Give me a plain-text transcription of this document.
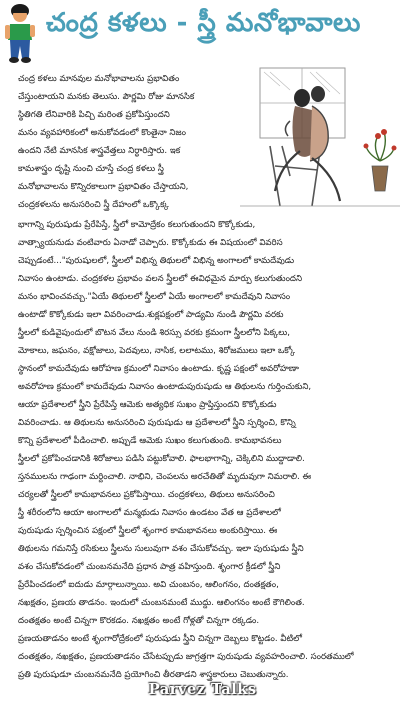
చంద్ర కళలు - స్త్రీ మనోభావాలు
చంద్ర కళలు మానవుల మనోభావాలను ప్రభావితం
చేస్తుంటాయని మనకు తెలుసు. పౌర్ణమి రోజు మానసిక
స్థితిగతి లేనివారికి పిచ్చి మరింత ప్రకోపిస్తుందని
మనం వ్యవహారికంలో అనుకోవడంలో కొంతైనా నిజం
ఉందని నేటి మానసిక శాస్త్రవేత్తలు నిర్ధారిస్తారు. ఇక
కామశాస్త్రం దృష్టి నుంచి చూస్తే చంద్ర కళలు స్త్రీ
మనోభావాలను కొన్నిరకాలుగా ప్రభావితం చేస్తాయని,
చంద్రకళలను అనుసరించి స్త్రీ దేహంలో ఒక్కొక్క
భాగాన్ని పురుషుడు ప్రేరేపిస్తే, స్త్రీలో కామోద్రేకం కలుగుతుందని కొక్కోకుడు,
వాత్స్యాయనుడు వంటివారు ఏనాడో చెప్పారు. కొక్కోకుడు ఈ విషయంలో వివరిస
చెప్పుడంటే..."పురుషులలో, స్త్రీలలో విభిన్న తిథులలో విభిన్న అంగాలలో కామదేవుడు
నివాసం ఉంటాడు. చంద్రకళల ప్రభావం వలన స్త్రీలలో ఈవిధమైన మార్పు కలుగుతుందని
మనం భావించవచ్చు."ఏయే తిథులలో స్త్రీలలో ఏయే అంగాలలో కామదేవుని నివాసం
ఉంటాడో కొక్కోకుడు ఇలా వివరించాడు.శుక్లపక్షంలో పాడ్యమి నుండి పౌర్ణమి వరకు
స్త్రీలలో కుడివైపుందులో బొటన వేలు నుండి శిరస్సు వరకు క్రమంగా స్త్రీలలోని పిక్కలు,
మోకాలు, జఘనం, వక్షోజాలు, పెదవులు, నాసిక, లలాటము, శిరోజములు ఇలా ఒక్కో
స్థానంలో కామదేవుడు ఆరోహణ క్రమంలో నివాసం ఉంటాడు. కృష్ణ పక్షంలో అవరోహణా
అవరోహణ క్రమంలో కామదేవుడు నివాసం ఉంటాడుపురుషుడు ఆ తిథులను గుర్తించుకుని,
ఆయా ప్రదేశాలలో స్త్రీని ప్రేరేపిస్తే ఆమెకు అత్యధిక సుఖం ప్రాప్తిస్తుందని కొక్కోకుడు
వివరించాడు. ఆ తిథులను అనుసరించి పురుషుడు ఆ ప్రదేశాలలో స్త్రీని స్పర్శించి, కొన్ని
కొన్ని ప్రదేశాలలో పీడించాలి. అప్పుడే ఆమెకు సుఖం కలుగుతుంది. కామభావనలు
స్త్రీలలో ప్రకోపించడానికి శిరోజాలు పడిసి పట్టుకోవాలి. ఫాలభాగాన్ని, చెక్కిలిని ముద్దాడాలి.
స్తనములను గాఢంగా మర్దించాలి. నాభిని, చెంపలను అరచేతితో మృదువుగా నిమరాలి. ఈ
చర్యలతో స్త్రీలలో కామభావనలు ప్రకోపిస్తాయి. చంద్రకళలు, తిథులు అనుసరించి
స్త్రీ శరీరంలోని ఆయా అంగాలలో మన్మథుడు నివాసం ఉండటం వేత ఆ ప్రదేశాలలో
పురుషుడు స్పర్శించిన పక్షంలో స్త్రీలలో శృంగార కామభావనలు అంకురిస్తాయి. ఈ
తిథులను గమనిస్తే రసికులు స్త్రీలను సులువుగా వశం చేసుకోవచ్చు. ఇలా పురుషుడు స్త్రీని
వశం చేసుకోవడంలో చుంబనమనేది ప్రధాన పాత్ర వహిస్తుంది. శృంగార క్రీడలో స్త్రీని
ప్రేరేపించడంలో ఐదుడు మార్గాలున్నాయి. అవి చుంబనం, ఆలింగనం, దంతక్షతం,
నఖక్షతం, ప్రణయ తాడనం. ఇందులో చుంబనమంటే ముద్దు. ఆలింగనం అంటే కౌగిలింత.
దంతక్షతం అంటే చిన్నగా కొరకడం. నఖక్షతం అంటే గోళ్లతో చిన్నగా రక్కడం.
ప్రణయతాడనం అంటే శృంగారోద్రేకంలో పురుషుడు స్త్రీని చిన్నగా దెబ్బలు కొట్టడం. వీటిలో
దంతక్షతం, నఖక్షతం, ప్రణయతాడనం చేసేటప్పుడు జాగ్రత్తగా పురుషుడు వ్యవహరించాలి. సంరతములో
ప్రతి పురుషుడూ చుంబనమనేది ప్రయోగించి తీరతాడని శాస్త్రకారులు చెబుతున్నారు.
Parvez Talks
